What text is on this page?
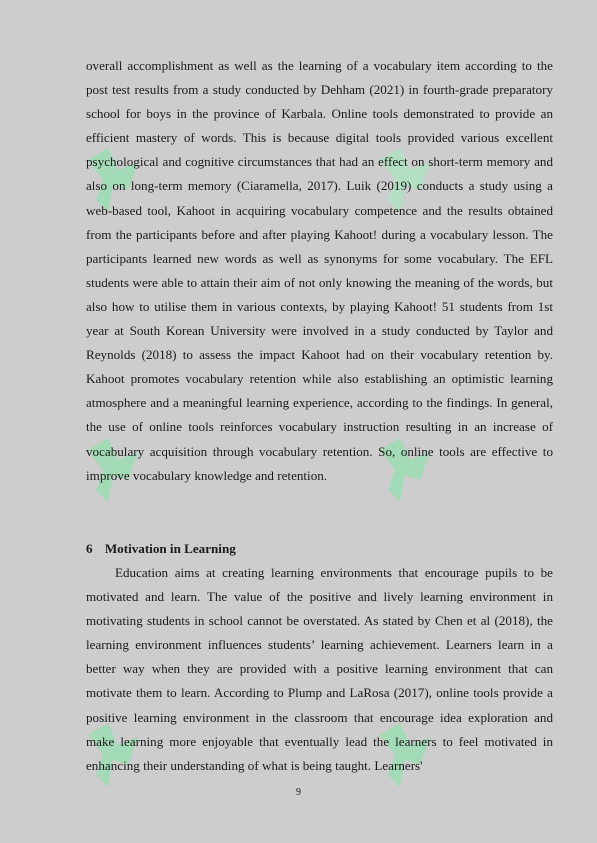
overall accomplishment as well as the learning of a vocabulary item according to the post test results from a study conducted by Dehham (2021) in fourth-grade preparatory school for boys in the province of Karbala. Online tools demonstrated to provide an efficient mastery of words. This is because digital tools provided various excellent psychological and cognitive circumstances that had an effect on short-term memory and also on long-term memory (Ciaramella, 2017). Luik (2019) conducts a study using a web-based tool, Kahoot in acquiring vocabulary competence and the results obtained from the participants before and after playing Kahoot! during a vocabulary lesson. The participants learned new words as well as synonyms for some vocabulary. The EFL students were able to attain their aim of not only knowing the meaning of the words, but also how to utilise them in various contexts, by playing Kahoot! 51 students from 1st year at South Korean University were involved in a study conducted by Taylor and Reynolds (2018) to assess the impact Kahoot had on their vocabulary retention by. Kahoot promotes vocabulary retention while also establishing an optimistic learning atmosphere and a meaningful learning experience, according to the findings. In general, the use of online tools reinforces vocabulary instruction resulting in an increase of vocabulary acquisition through vocabulary retention. So, online tools are effective to improve vocabulary knowledge and retention.

6 Motivation in Learning

Education aims at creating learning environments that encourage pupils to be motivated and learn. The value of the positive and lively learning environment in motivating students in school cannot be overstated. As stated by Chen et al (2018), the learning environment influences students’ learning achievement. Learners learn in a better way when they are provided with a positive learning environment that can motivate them to learn. According to Plump and LaRosa (2017), online tools provide a positive learning environment in the classroom that encourage idea exploration and make learning more enjoyable that eventually lead the learners to feel motivated in enhancing their understanding of what is being taught. Learners'

9
